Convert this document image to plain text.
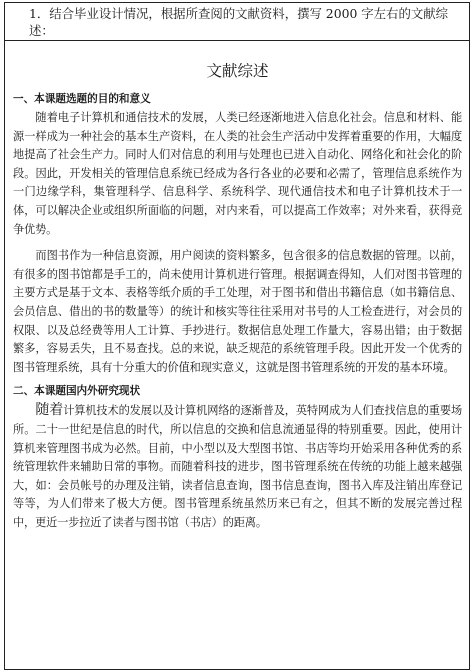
1．结合毕业设计情况，根据所查阅的文献资料，撰写 2000 字左右的文献综述：
文献综述

一、本课题选题的目的和意义

随着电子计算机和通信技术的发展，人类已经逐渐地进入信息化社会。信息和材料、能源一样成为一种社会的基本生产资料，在人类的社会生产活动中发挥着重要的作用，大幅度地提高了社会生产力。同时人们对信息的利用与处理也已进入自动化、网络化和社会化的阶段。因此，开发相关的管理信息系统已经成为各行各业的必要和必需了，管理信息系统作为一门边缘学科，集管理科学、信息科学、系统科学、现代通信技术和电子计算机技术于一体，可以解决企业或组织所面临的问题，对内来看，可以提高工作效率；对外来看，获得竞争优势。

而图书作为一种信息资源，用户阅读的资料繁多，包含很多的信息数据的管理。以前，有很多的图书馆都是手工的，尚未使用计算机进行管理。根据调查得知，人们对图书管理的主要方式是基于文本、表格等纸介质的手工处理，对于图书和借出书籍信息（如书籍信息、会员信息、借出的书的数量等）的统计和核实等往往采用对书号的人工检查进行，对会员的权限、以及总经费等用人工计算、手抄进行。数据信息处理工作量大，容易出错；由于数据繁多，容易丢失，且不易查找。总的来说，缺乏规范的系统管理手段。因此开发一个优秀的图书管理系统，具有十分重大的价值和现实意义，这就是图书管理系统的开发的基本环境。

二、本课题国内外研究现状

随着计算机技术的发展以及计算机网络的逐渐普及，英特网成为人们查找信息的重要场所。二十一世纪是信息的时代，所以信息的交换和信息流通显得的特别重要。因此，使用计算机来管理图书成为必然。目前，中小型以及大型图书馆、书店等均开始采用各种优秀的系统管理软件来辅助日常的事物。而随着科技的进步，图书管理系统在传统的功能上越来越强大，如：会员帐号的办理及注销，读者信息查询，图书信息查询，图书入库及注销出库登记等等，为人们带来了极大方便。图书管理系统虽然历来已有之，但其不断的发展完善过程中，更近一步拉近了读者与图书馆（书店）的距离。
